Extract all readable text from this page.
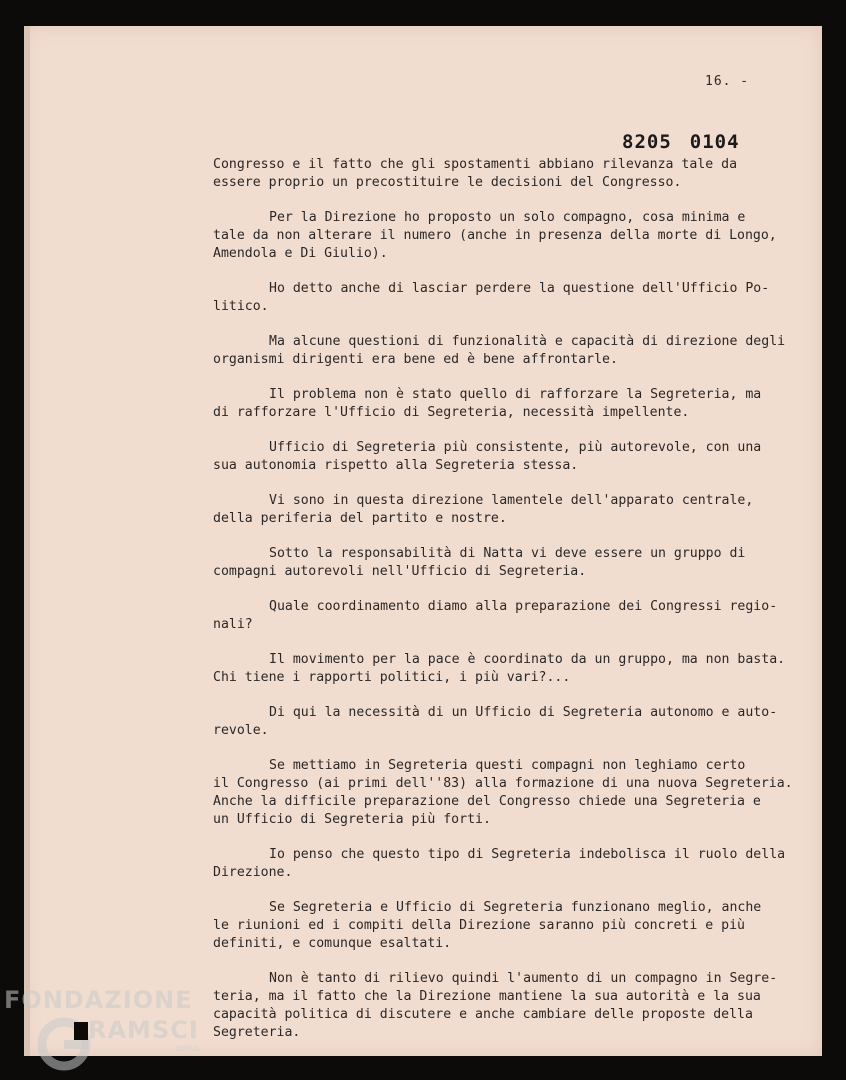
16. -
8205 0104
Congresso e il fatto che gli spostamenti abbiano rilevanza tale da
essere proprio un precostituire le decisioni del Congresso.
Per la Direzione ho proposto un solo compagno, cosa minima e
tale da non alterare il numero (anche in presenza della morte di Longo,
Amendola e Di Giulio).
Ho detto anche di lasciar perdere la questione dell'Ufficio Po-
litico.
Ma alcune questioni di funzionalità e capacità di direzione degli
organismi dirigenti era bene ed è bene affrontarle.
Il problema non è stato quello di rafforzare la Segreteria, ma
di rafforzare l'Ufficio di Segreteria, necessità impellente.
Ufficio di Segreteria più consistente, più autorevole, con una
sua autonomia rispetto alla Segreteria stessa.
Vi sono in questa direzione lamentele dell'apparato centrale,
della periferia del partito e nostre.
Sotto la responsabilità di Natta vi deve essere un gruppo di
compagni autorevoli nell'Ufficio di Segreteria.
Quale coordinamento diamo alla preparazione dei Congressi regio-
nali?
Il movimento per la pace è coordinato da un gruppo, ma non basta.
Chi tiene i rapporti politici, i più vari?...
Di qui la necessità di un Ufficio di Segreteria autonomo e auto-
revole.
Se mettiamo in Segreteria questi compagni non leghiamo certo
il Congresso (ai primi dell''83) alla formazione di una nuova Segreteria.
Anche la difficile preparazione del Congresso chiede una Segreteria e
un Ufficio di Segreteria più forti.
Io penso che questo tipo di Segreteria indebolisca il ruolo della
Direzione.
Se Segreteria e Ufficio di Segreteria funzionano meglio, anche
le riunioni ed i compiti della Direzione saranno più concreti e più
definiti, e comunque esaltati.
Non è tanto di rilievo quindi l'aumento di un compagno in Segre-
teria, ma il fatto che la Direzione mantiene la sua autorità e la sua
capacità politica di discutere e anche cambiare delle proposte della
Segreteria.
FONDAZIONE
RAMSCI
onlus
